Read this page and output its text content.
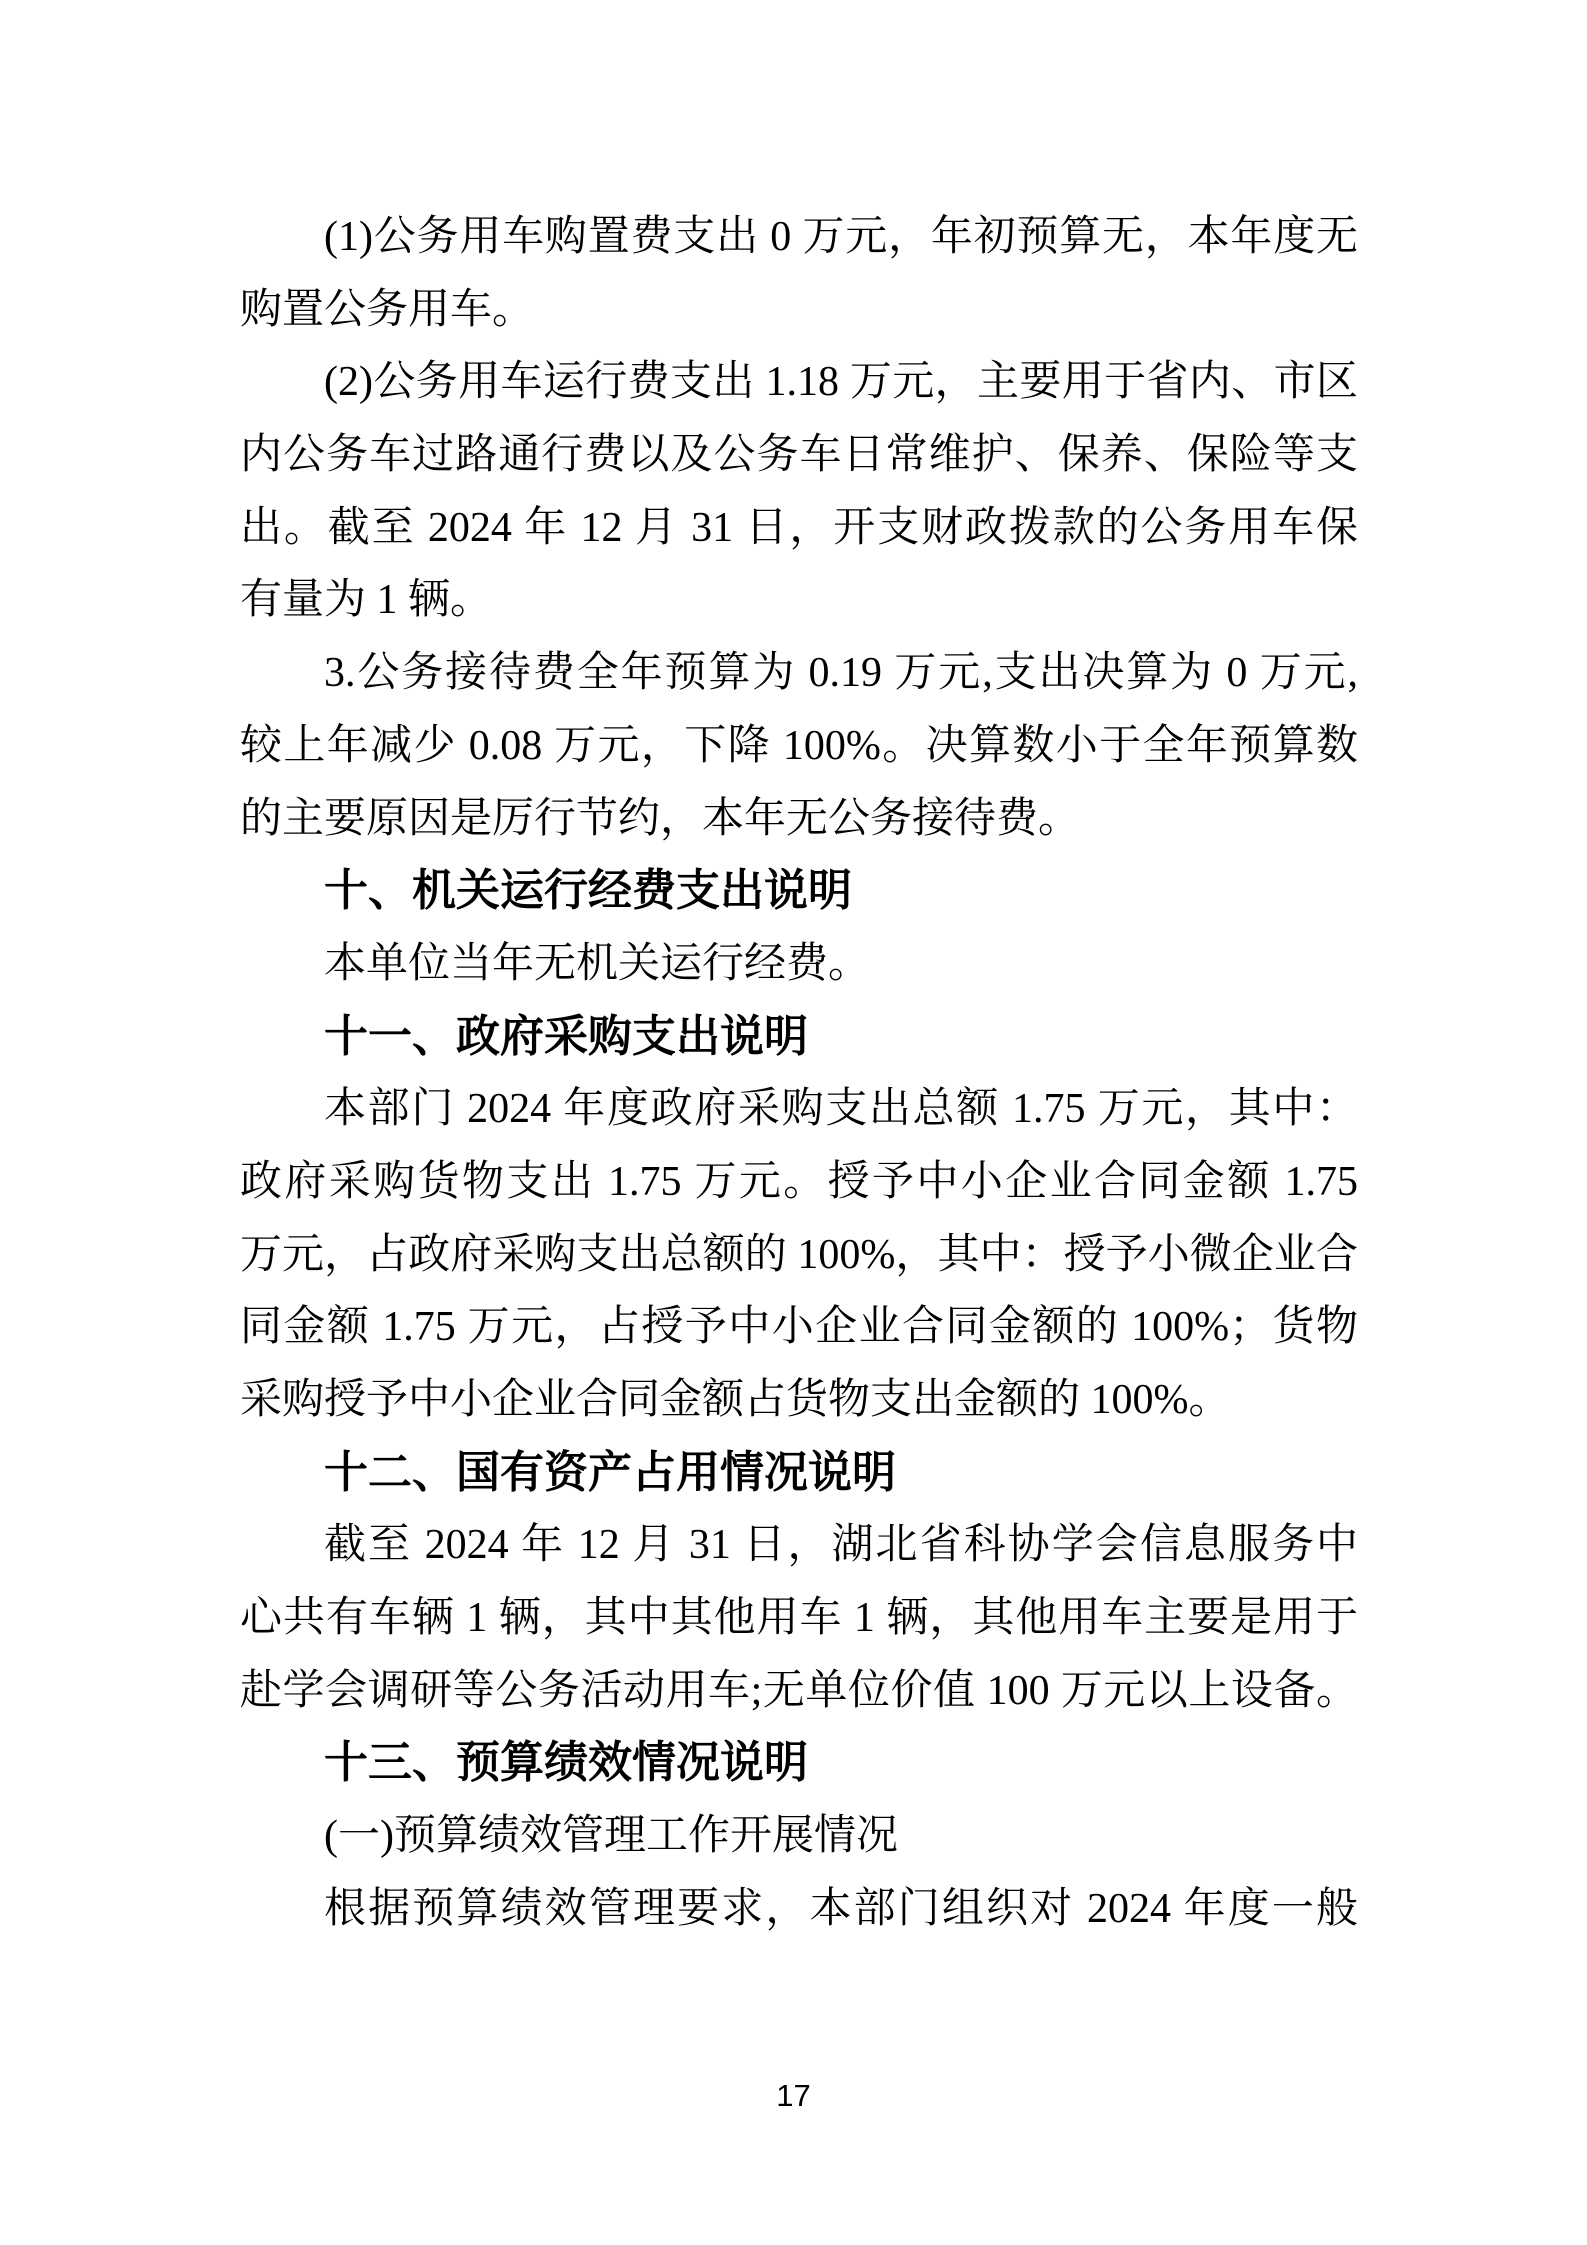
(1)公务用车购置费支出 0 万元，年初预算无，本年度无
购置公务用车。
(2)公务用车运行费支出 1.18 万元，主要用于省内、市区
内公务车过路通行费以及公务车日常维护、保养、保险等支
出。截至 2024 年 12 月 31 日，开支财政拨款的公务用车保
有量为 1 辆。
3.公务接待费全年预算为 0.19 万元,支出决算为 0 万元,
较上年减少 0.08 万元，下降 100%。决算数小于全年预算数
的主要原因是厉行节约，本年无公务接待费。
十、机关运行经费支出说明
本单位当年无机关运行经费。
十一、政府采购支出说明
本部门 2024 年度政府采购支出总额 1.75 万元，其中：
政府采购货物支出 1.75 万元。授予中小企业合同金额 1.75
万元，占政府采购支出总额的 100%，其中：授予小微企业合
同金额 1.75 万元，占授予中小企业合同金额的 100%；货物
采购授予中小企业合同金额占货物支出金额的 100%。
十二、国有资产占用情况说明
截至 2024 年 12 月 31 日，湖北省科协学会信息服务中
心共有车辆 1 辆，其中其他用车 1 辆，其他用车主要是用于
赴学会调研等公务活动用车;无单位价值 100 万元以上设备。
十三、预算绩效情况说明
(一)预算绩效管理工作开展情况
根据预算绩效管理要求，本部门组织对 2024 年度一般
17
